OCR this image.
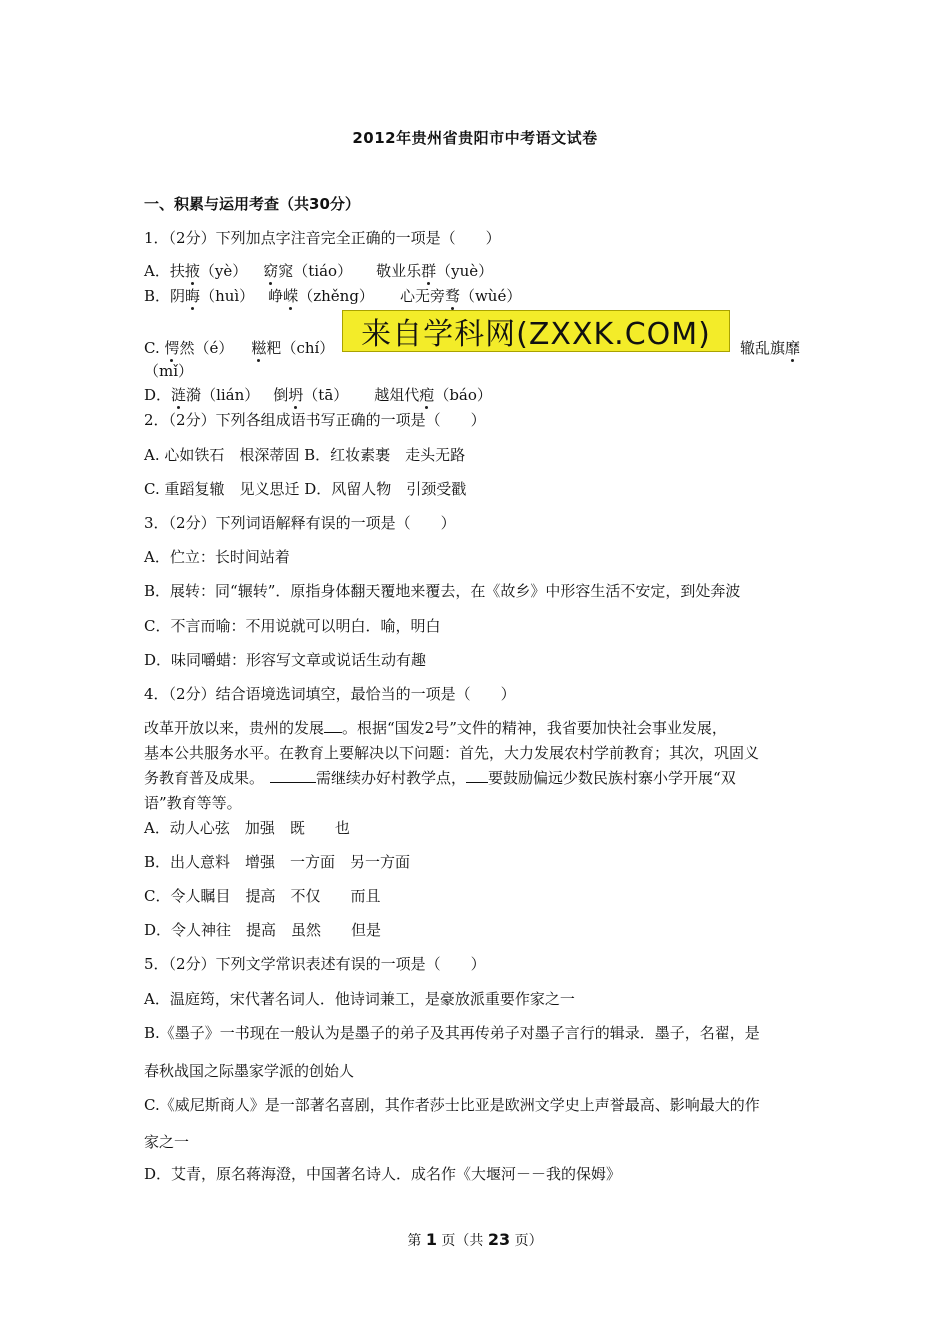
2012年贵州省贵阳市中考语文试卷
一、积累与运用考查（共30分）
1．（2分）下列加点字注音完全正确的一项是（　　）
A．扶掖（yè） 窈窕（tiáo） 敬业乐群（yuè）
B．阴晦（huì） 峥嵘（zhěng） 心无旁骛（wùé）
C. 愕然（é） 糍粑（chí）	辙乱旗靡
（mǐ）
来自学科网(ZXXK.COM)
D．涟漪（lián） 倒坍（tā） 越俎代疱（báo）
2．（2分）下列各组成语书写正确的一项是（　　）
A. 心如铁石　根深蒂固 B．红妆素裹　走头无路
C. 重蹈复辙　见义思迁 D．风留人物　引颈受戳
3．（2分）下列词语解释有误的一项是（　　）
A．伫立：长时间站着
B．展转：同“辗转”．原指身体翻天覆地来覆去，在《故乡》中形容生活不安定，到处奔波
C．不言而喻：不用说就可以明白．喻，明白
D．味同嚼蜡：形容写文章或说话生动有趣
4．（2分）结合语境选词填空，最恰当的一项是（　　）
改革开放以来，贵州的发展 。根据“国发2号”文件的精神，我省要加快社会事业发展，
基本公共服务水平。在教育上要解决以下问题：首先，大力发展农村学前教育；其次，巩固义
务教育普及成果。	需继续办好村教学点， 要鼓励偏远少数民族村寨小学开展“双
语”教育等等。
A．动人心弦　加强　既　　也
B．出人意料　增强　一方面　另一方面
C．令人瞩目　提高　不仅　　而且
D．令人神往　提高　虽然　　但是
5．（2分）下列文学常识表述有误的一项是（　　）
A．温庭筠，宋代著名词人．他诗词兼工，是豪放派重要作家之一
B.《墨子》一书现在一般认为是墨子的弟子及其再传弟子对墨子言行的辑录．墨子，名翟，是
春秋战国之际墨家学派的创始人
C.《威尼斯商人》是一部著名喜剧，其作者莎士比亚是欧洲文学史上声誉最高、影响最大的作
家之一
D．艾青，原名蒋海澄，中国著名诗人．成名作《大堰河－－我的保姆》
第 1 页（共 23 页）
